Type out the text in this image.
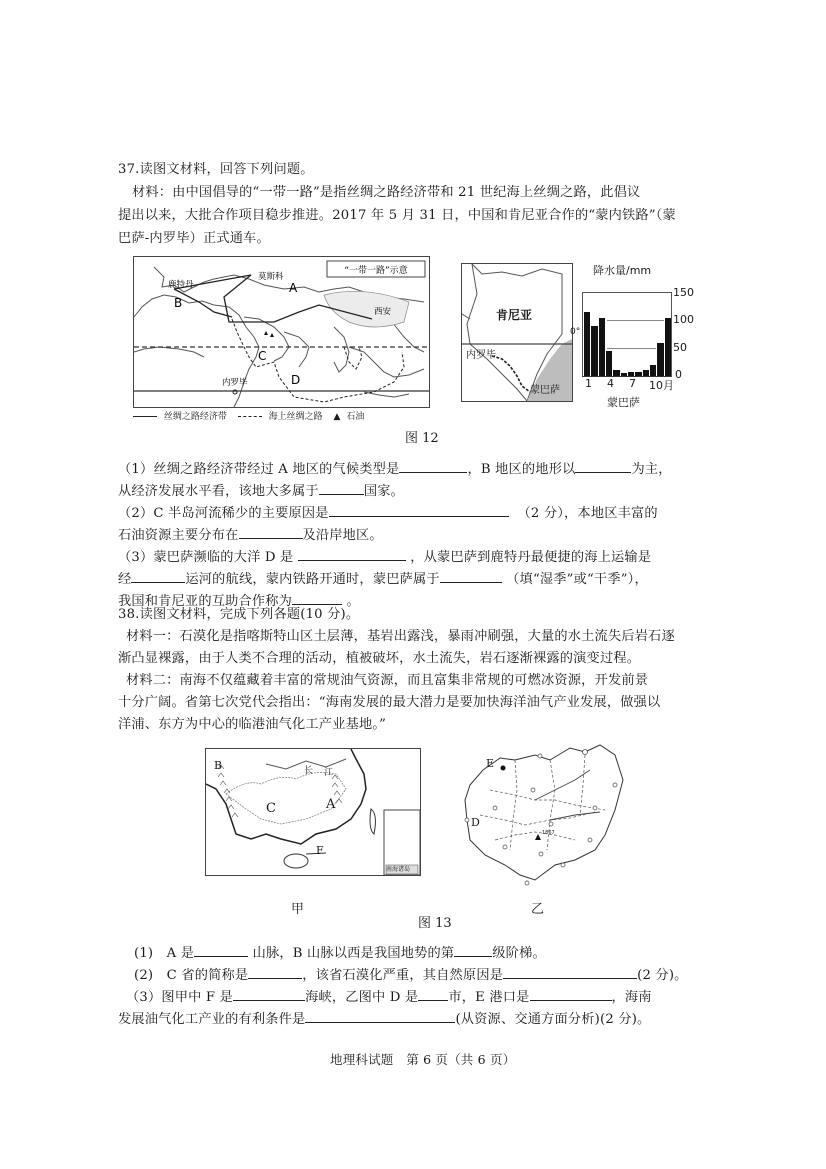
37.读图文材料，回答下列问题。
材料：由中国倡导的“一带一路”是指丝绸之路经济带和 21 世纪海上丝绸之路，此倡议
提出以来，大批合作项目稳步推进。2017 年 5 月 31 日，中国和肯尼亚合作的“蒙内铁路”（蒙
巴萨-内罗毕）正式通车。
“一带一路”示意
鹿特丹
莫斯科
西安
内罗毕
A
B
C
D
丝绸之路经济带	海上丝绸之路 ▲ 石油
肯尼亚
内罗毕
蒙巴萨
0°
降水量/mm
150
100
50
0
1 4 7 10月
蒙巴萨
图 12
（1）丝绸之路经济带经过 A 地区的气候类型是	，B 地区的地形以	为主，
从经济发展水平看，该地大多属于	国家。
（2）C 半岛河流稀少的主要原因是	（2 分），本地区丰富的
石油资源主要分布在	及沿岸地区。
（3）蒙巴萨濒临的大洋 D 是	，从蒙巴萨到鹿特丹最便捷的海上运输是
经	运河的航线，蒙内铁路开通时，蒙巴萨属于	（填“湿季”或“干季”），
我国和肯尼亚的互助合作称为	。
38.读图文材料，完成下列各题(10 分)。
材料一：石漠化是指喀斯特山区土层薄，基岩出露浅，暴雨冲刷强，大量的水土流失后岩石逐
渐凸显裸露，由于人类不合理的活动，植被破坏，水土流失，岩石逐渐裸露的演变过程。
材料二：南海不仅蕴藏着丰富的常规油气资源，而且富集非常规的可燃冰资源，开发前景
十分广阔。省第七次党代会指出：“海南发展的最大潜力是要加快海洋油气产业发展，做强以
洋浦、东方为中心的临港油气化工产业基地。”
B	长 江
C	A
F
南海诸岛
E
D
1867
甲	乙
图 13
(1)　A 是	山脉，B 山脉以西是我国地势的第	级阶梯。
(2)　C 省的简称是	，该省石漠化严重，其自然原因是	(2 分)。
（3）图甲中 F 是	海峡，乙图中 D 是 市，E 港口是	，海南
发展油气化工产业的有利条件是	(从资源、交通方面分析)(2 分)。
地理科试题　第 6 页（共 6 页）
